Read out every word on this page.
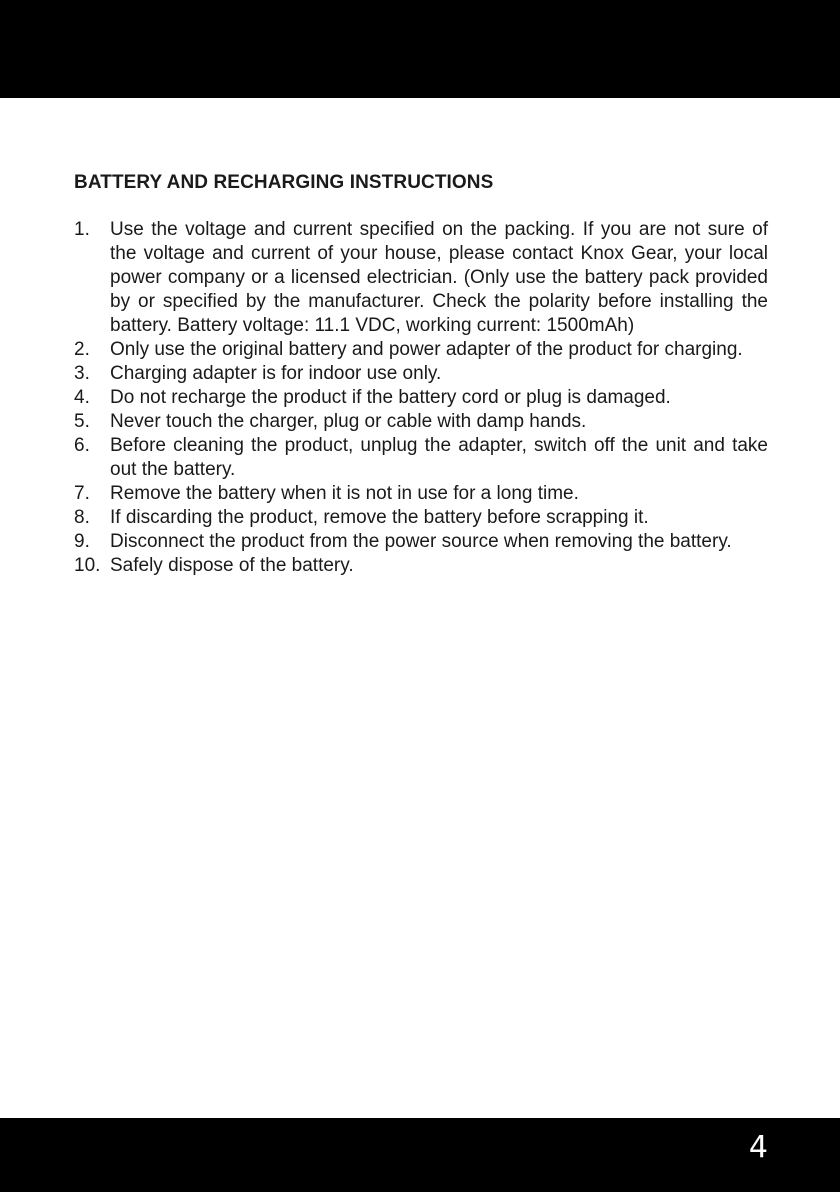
BATTERY AND RECHARGING INSTRUCTIONS
1.	Use the voltage and current specified on the packing. If you are not sure of the voltage and current of your house, please contact Knox Gear, your local power company or a licensed electrician. (Only use the battery pack provided by or specified by the manufacturer. Check the polarity before installing the battery. Battery voltage: 11.1 VDC, working current: 1500mAh)
2.	Only use the original battery and power adapter of the product for charging.
3.	Charging adapter is for indoor use only.
4.	Do not recharge the product if the battery cord or plug is damaged.
5.	Never touch the charger, plug or cable with damp hands.
6.	Before cleaning the product, unplug the adapter, switch off the unit and take out the battery.
7.	Remove the battery when it is not in use for a long time.
8.	If discarding the product, remove the battery before scrapping it.
9.	Disconnect the product from the power source when removing the battery.
10. Safely dispose of the battery.
4
